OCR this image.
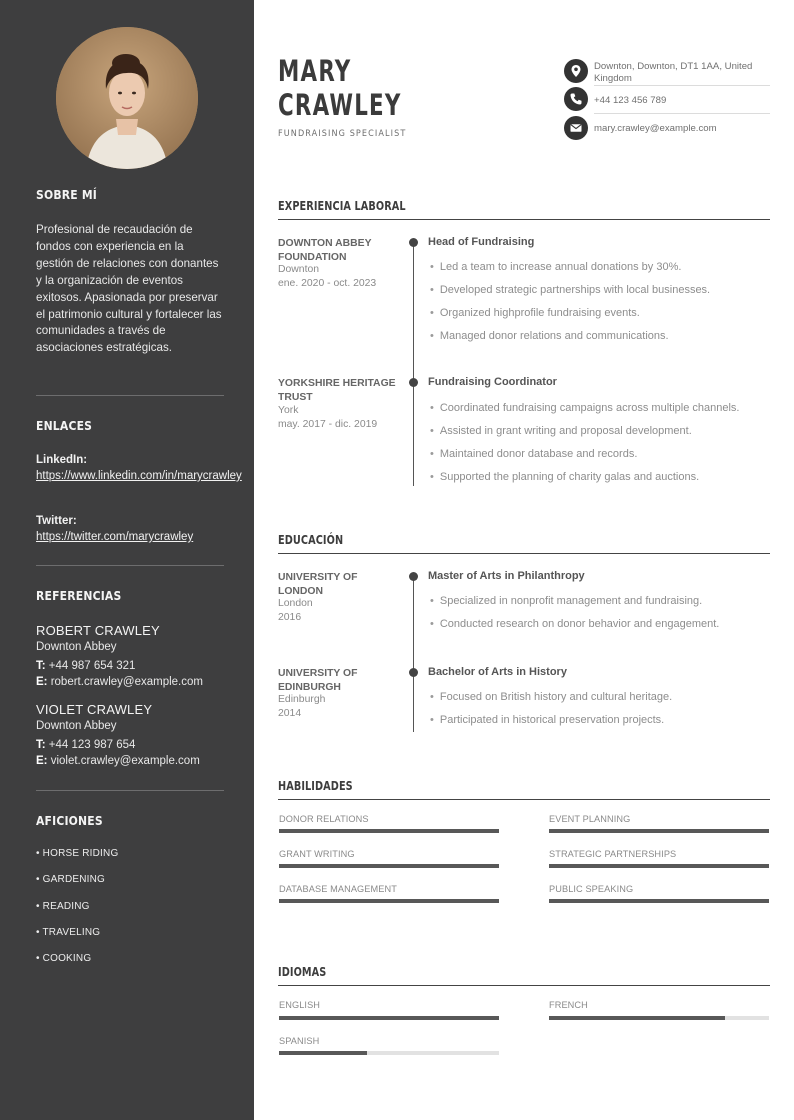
SOBRE MÍ
Profesional de recaudación de fondos con experiencia en la gestión de relaciones con donantes y la organización de eventos exitosos. Apasionada por preservar el patrimonio cultural y fortalecer las comunidades a través de asociaciones estratégicas.
ENLACES
LinkedIn:
https://www.linkedin.com/in/marycrawley
Twitter:
https://twitter.com/marycrawley
REFERENCIAS
ROBERT CRAWLEY
Downton Abbey
T: +44 987 654 321
E: robert.crawley@example.com
VIOLET CRAWLEY
Downton Abbey
T: +44 123 987 654
E: violet.crawley@example.com
AFICIONES
• HORSE RIDING
• GARDENING
• READING
• TRAVELING
• COOKING
MARY
CRAWLEY
FUNDRAISING SPECIALIST
Downton, Downton, DT1 1AA, United Kingdom
+44 123 456 789
mary.crawley@example.com
EXPERIENCIA LABORAL
DOWNTON ABBEY FOUNDATION
Downton
ene. 2020 - oct. 2023
Head of Fundraising
• Led a team to increase annual donations by 30%.
• Developed strategic partnerships with local businesses.
• Organized highprofile fundraising events.
• Managed donor relations and communications.
YORKSHIRE HERITAGE TRUST
York
may. 2017 - dic. 2019
Fundraising Coordinator
• Coordinated fundraising campaigns across multiple channels.
• Assisted in grant writing and proposal development.
• Maintained donor database and records.
• Supported the planning of charity galas and auctions.
EDUCACIÓN
UNIVERSITY OF LONDON
London
2016
Master of Arts in Philanthropy
• Specialized in nonprofit management and fundraising.
• Conducted research on donor behavior and engagement.
UNIVERSITY OF EDINBURGH
Edinburgh
2014
Bachelor of Arts in History
• Focused on British history and cultural heritage.
• Participated in historical preservation projects.
HABILIDADES
DONOR RELATIONS	EVENT PLANNING
GRANT WRITING	STRATEGIC PARTNERSHIPS
DATABASE MANAGEMENT	PUBLIC SPEAKING
IDIOMAS
ENGLISH	FRENCH
SPANISH
